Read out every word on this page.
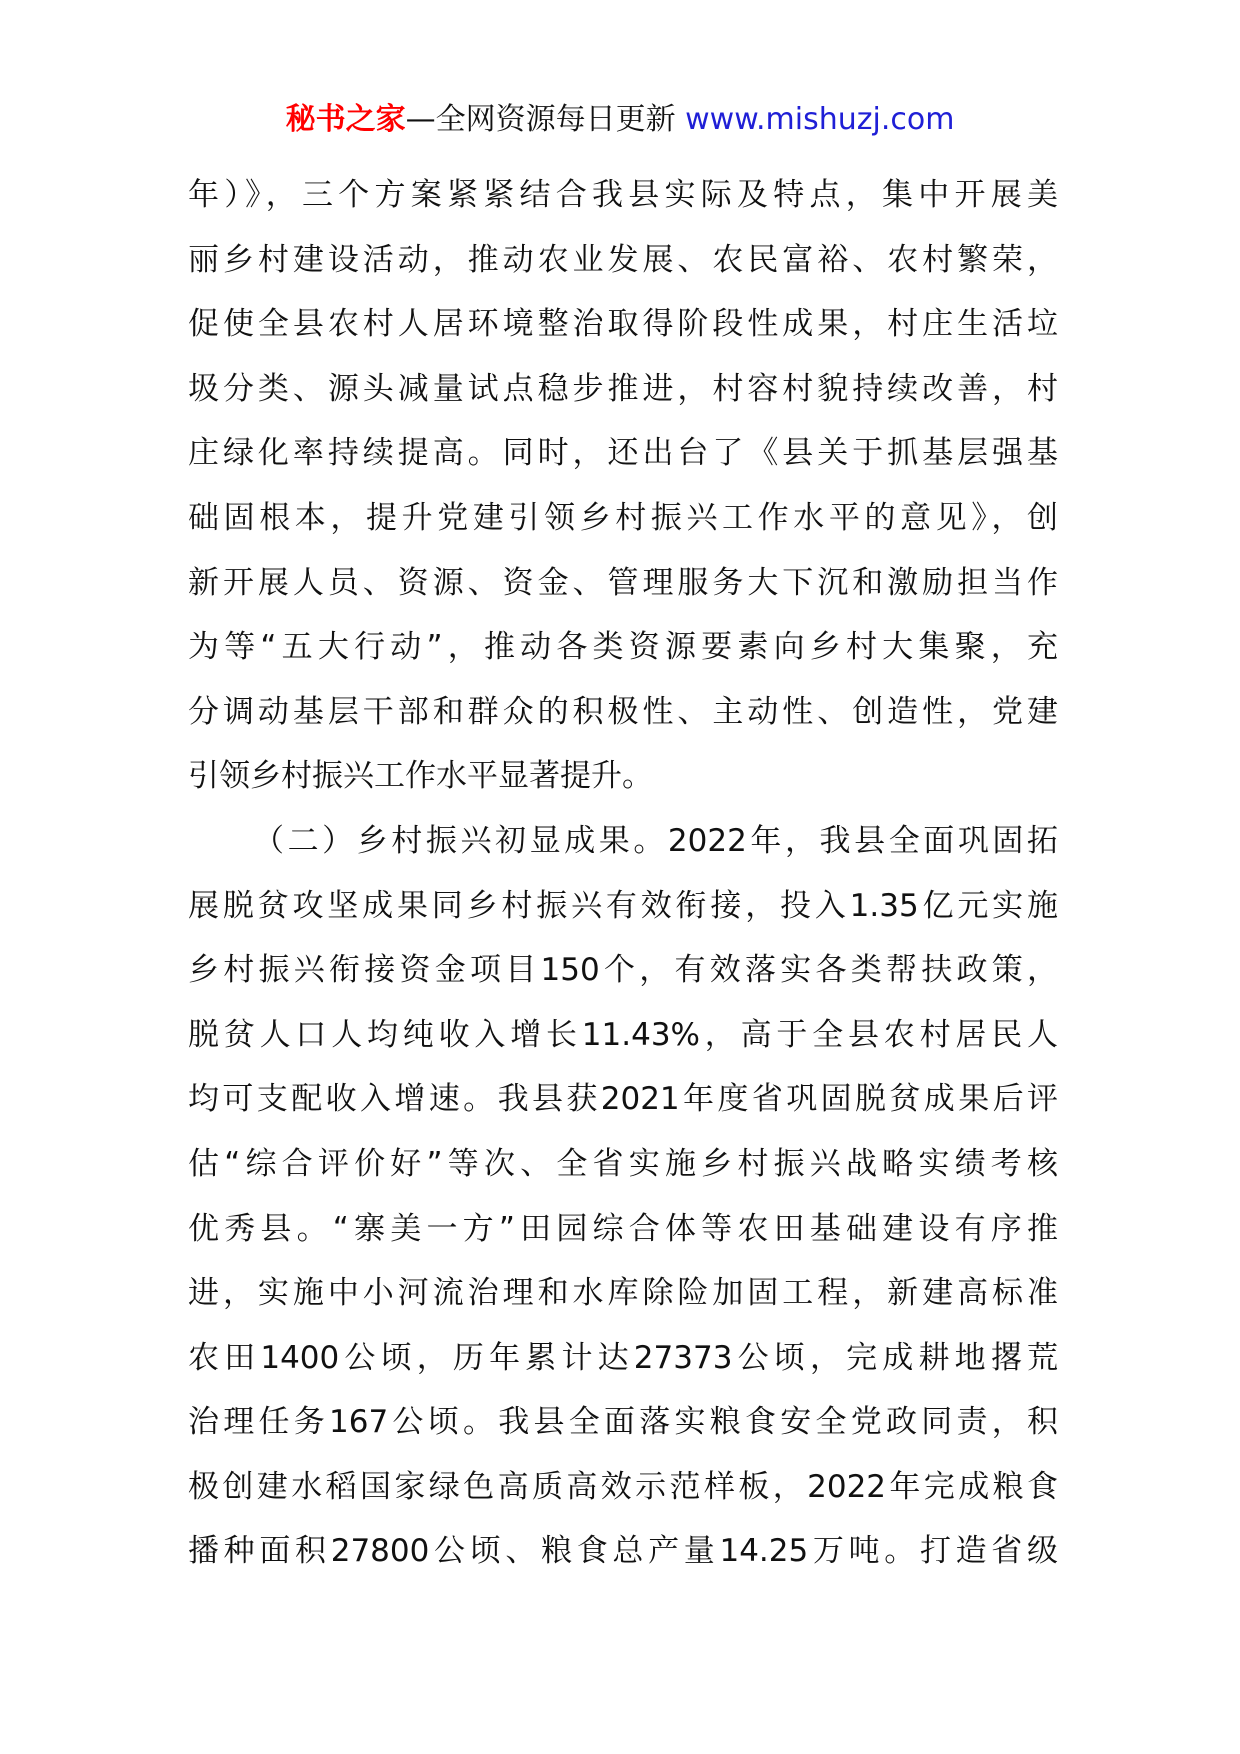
秘书之家—全网资源每日更新 www.mishuzj.com
年）》，三个方案紧紧结合我县实际及特点，集中开展美
丽乡村建设活动，推动农业发展、农民富裕、农村繁荣，
促使全县农村人居环境整治取得阶段性成果，村庄生活垃
圾分类、源头减量试点稳步推进，村容村貌持续改善，村
庄绿化率持续提高。同时，还出台了《县关于抓基层强基
础固根本，提升党建引领乡村振兴工作水平的意见》，创
新开展人员、资源、资金、管理服务大下沉和激励担当作
为等“五大行动”，推动各类资源要素向乡村大集聚，充
分调动基层干部和群众的积极性、主动性、创造性，党建
引领乡村振兴工作水平显著提升。
（二）乡村振兴初显成果。2022年，我县全面巩固拓
展脱贫攻坚成果同乡村振兴有效衔接，投入1.35亿元实施
乡村振兴衔接资金项目150个，有效落实各类帮扶政策，
脱贫人口人均纯收入增长11.43%，高于全县农村居民人
均可支配收入增速。我县获2021年度省巩固脱贫成果后评
估“综合评价好”等次、全省实施乡村振兴战略实绩考核
优秀县。“寨美一方”田园综合体等农田基础建设有序推
进，实施中小河流治理和水库除险加固工程，新建高标准
农田1400公顷，历年累计达27373公顷，完成耕地撂荒
治理任务167公顷。我县全面落实粮食安全党政同责，积
极创建水稻国家绿色高质高效示范样板，2022年完成粮食
播种面积27800公顷、粮食总产量14.25万吨。打造省级
